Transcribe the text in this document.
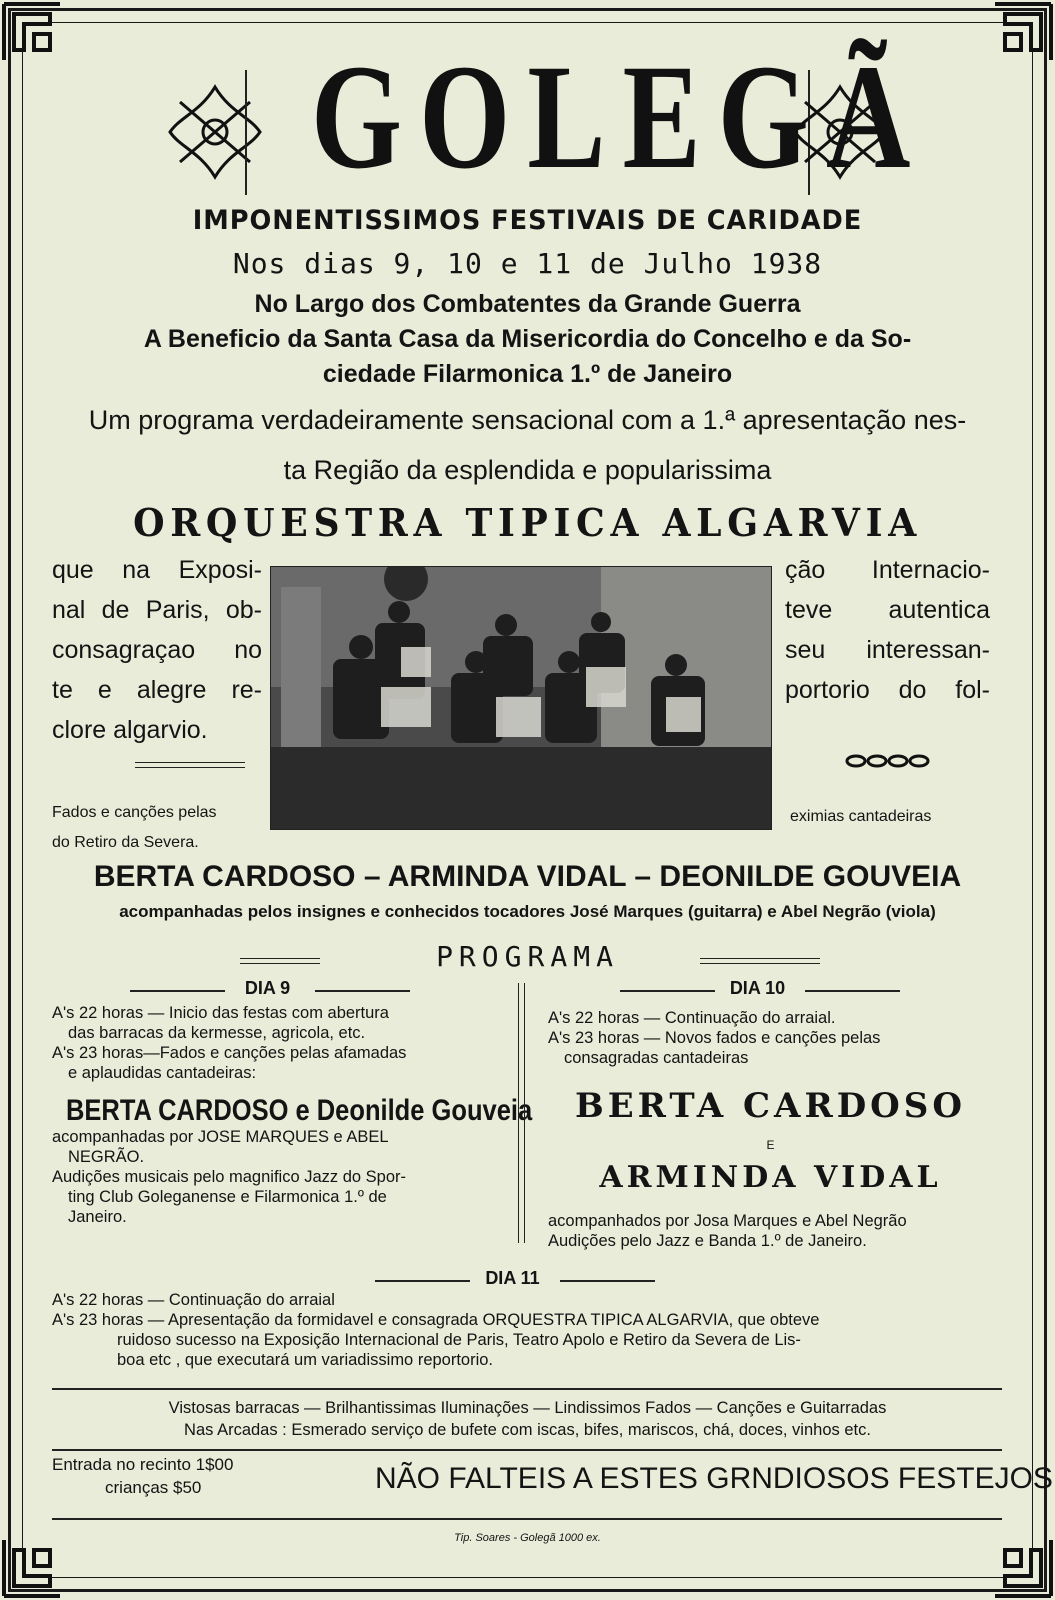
GOLEGÃ
IMPONENTISSIMOS FESTIVAIS DE CARIDADE
Nos dias 9, 10 e 11 de Julho 1938
No Largo dos Combatentes da Grande Guerra
A Beneficio da Santa Casa da Misericordia do Concelho e da So-
ciedade Filarmonica 1.º de Janeiro
Um programa verdadeiramente sensacional com a 1.ª apresentação nes-
ta Região da esplendida e popularissima
ORQUESTRA TIPICA ALGARVIA
que na Exposi-
nal de Paris, ob-
consagraçao no
te e alegre re-
clore algarvio.
ção Internacio-
teve autentica
seu interessan-
portorio do fol-
Fados e canções pelas
do Retiro da Severa.
eximias cantadeiras
BERTA CARDOSO – ARMINDA VIDAL – DEONILDE GOUVEIA
acompanhadas pelos insignes e conhecidos tocadores José Marques (guitarra) e Abel Negrão (viola)
PROGRAMA
DIA 9

A's 22 horas — Inicio das festas com abertura

das barracas da kermesse, agricola, etc.

A's 23 horas—Fados e canções pelas afamadas

e aplaudidas cantadeiras:

BERTA CARDOSO e Deonilde Gouveia

acompanhadas por JOSE MARQUES e ABEL

NEGRÃO.

Audições musicais pelo magnifico Jazz do Spor-

ting Club Goleganense e Filarmonica 1.º de

Janeiro.

DIA 10

A's 22 horas — Continuação do arraial.

A's 23 horas — Novos fados e canções pelas

consagradas cantadeiras

BERTA CARDOSO
E
ARMINDA VIDAL

acompanhados por Josa Marques e Abel Negrão

Audições pelo Jazz e Banda 1.º de Janeiro.

DIA 11

A's 22 horas — Continuação do arraial

A's 23 horas — Apresentação da formidavel e consagrada ORQUESTRA TIPICA ALGARVIA, que obteve

ruidoso sucesso na Exposição Internacional de Paris, Teatro Apolo e Retiro da Severa de Lis-

boa etc , que executará um variadissimo reportorio.

Vistosas barracas — Brilhantissimas Iluminações — Lindissimos Fados — Canções e Guitarradas
Nas Arcadas : Esmerado serviço de bufete com iscas, bifes, mariscos, chá, doces, vinhos etc.
Entrada no recinto 1$00
crianças $50	NÃO FALTEIS A ESTES GRNDIOSOS FESTEJOS
Tip. Soares - Golegã 1000 ex.
